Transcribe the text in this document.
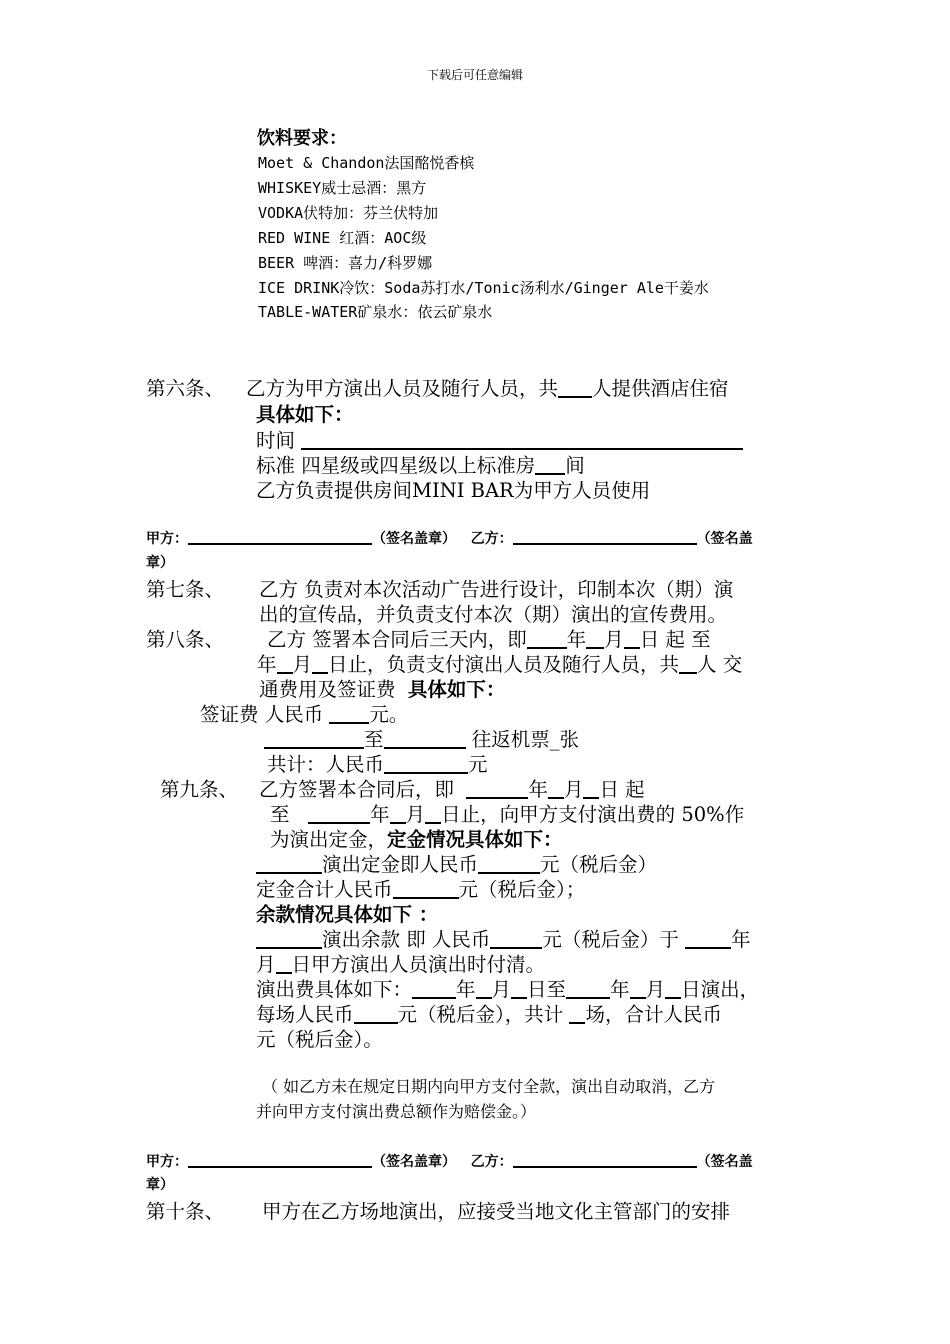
下载后可任意编辑
饮料要求：
Moet & Chandon法国酩悦香槟
WHISKEY威士忌酒：黑方
VODKA伏特加：芬兰伏特加
RED WINE 红酒：AOC级
BEER 啤酒：喜力/科罗娜
ICE DRINK冷饮：Soda苏打水/Tonic汤利水/Ginger Ale干姜水
TABLE-WATER矿泉水：依云矿泉水
第六条、 乙方为甲方演出人员及随行人员，共 人提供酒店住宿
具体如下：
时间
标准 四星级或四星级以上标准房 间
乙方负责提供房间MINI BAR为甲方人员使用
甲方：	（签名盖章） 乙方：	（签名盖
章）
第七条、 乙方 负责对本次活动广告进行设计，印制本次（期）演
出的宣传品，并负责支付本次（期）演出的宣传费用。
第八条、 乙方 签署本合同后三天内，即 年 月 日 起 至
年 月 日止，负责支付演出人员及随行人员，共 人 交
通费用及签证费 具体如下：
签证费 人民币 元。
至	往返机票_张
共计：人民币	元
第九条、 乙方签署本合同后，即	年 月 日 起
至	年 月 日止，向甲方支付演出费的 50%作
为演出定金，定金情况具体如下：
演出定金即人民币	元（税后金）
定金合计人民币	元（税后金）；
余款情况具体如下 ：
演出余款 即 人民币	元（税后金）于	年
月 日甲方演出人员演出时付清。
演出费具体如下： 年 月 日至 年 月 日演出，
每场人民币 元（税后金），共计 场，合计人民币
元（税后金）。
（ 如乙方未在规定日期内向甲方支付全款，演出自动取消，乙方
并向甲方支付演出费总额作为赔偿金。）
甲方：	（签名盖章） 乙方：	（签名盖
章）
第十条、 甲方在乙方场地演出，应接受当地文化主管部门的安排
